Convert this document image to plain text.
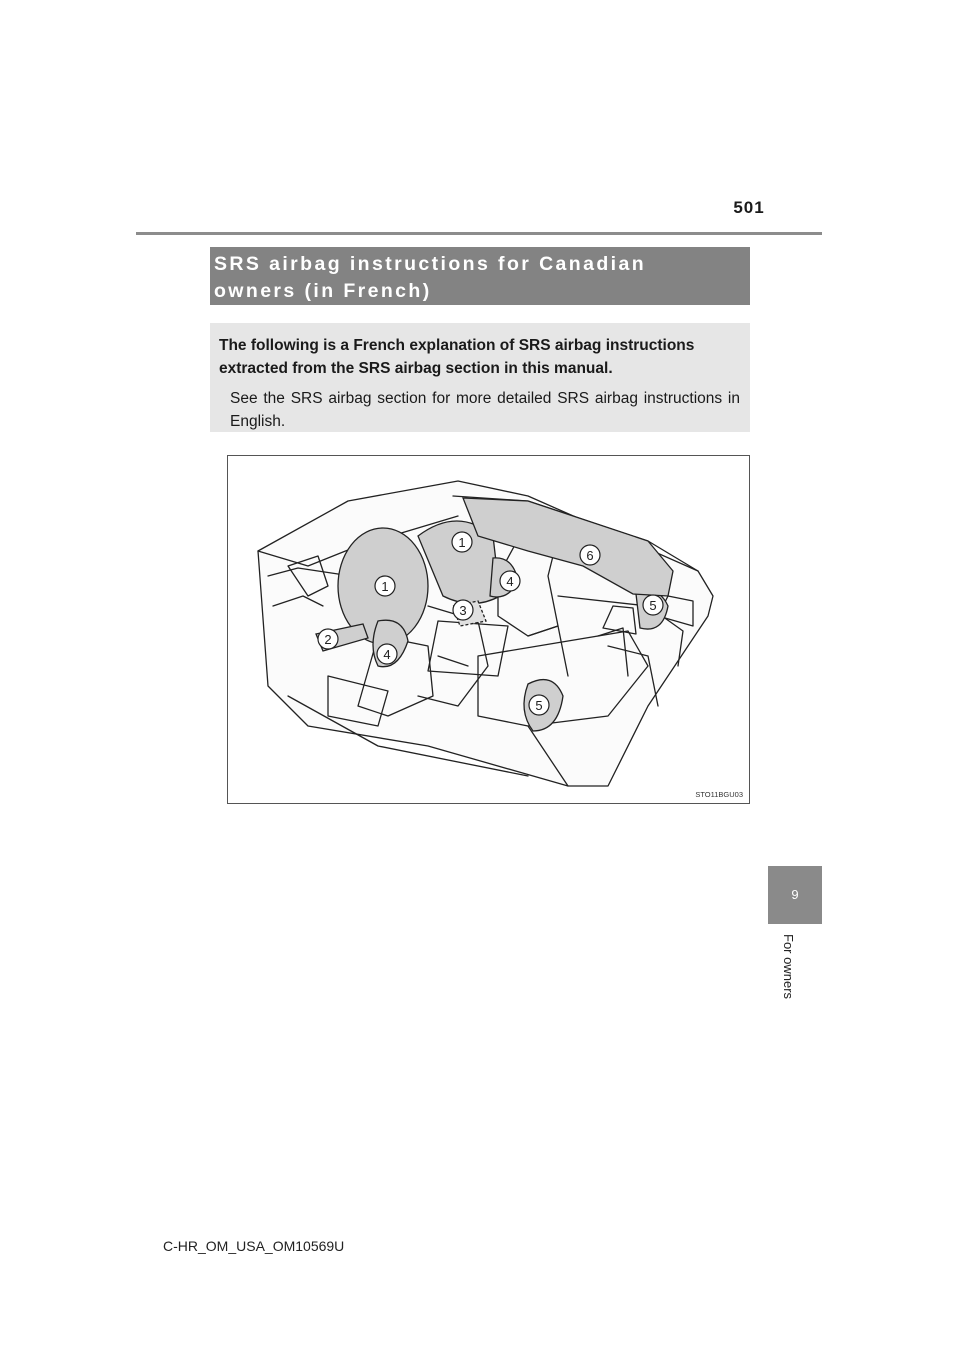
501
SRS airbag instructions for Canadian
owners (in French)
The following is a French explanation of SRS airbag instructions extracted from the SRS airbag section in this manual.
See the SRS airbag section for more detailed SRS airbag instructions in English.
1
1
2
3
4
4
5
5
6
STO11BGU03
9
For owners
C-HR_OM_USA_OM10569U
